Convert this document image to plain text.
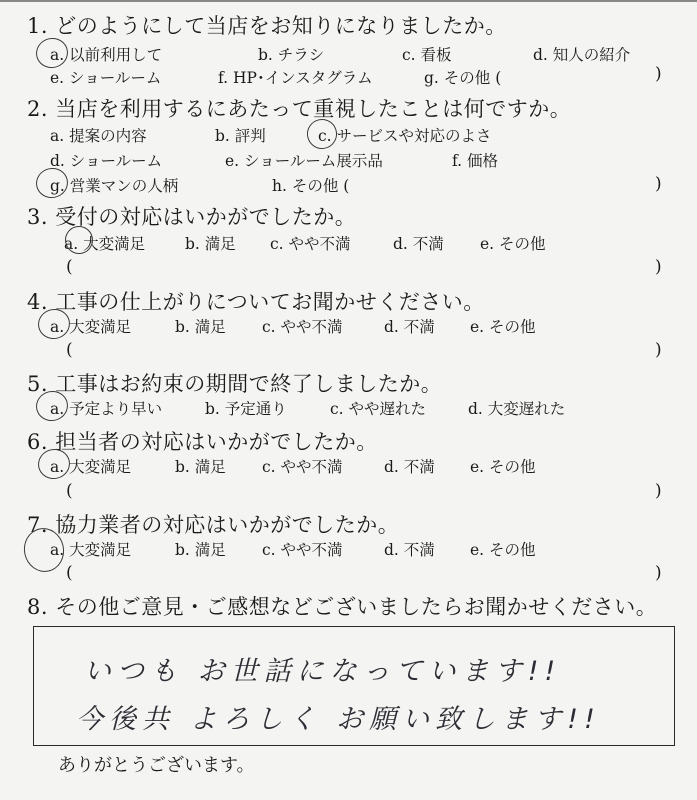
1. どのようにして当店をお知りになりましたか。
a. 以前利用して	b. チラシ	c. 看板	d. 知人の紹介
e. ショールーム	f. HP･インスタグラム	g. その他 (	)
2. 当店を利用するにあたって重視したことは何ですか。
a. 提案の内容	b. 評判	c. サービスや対応のよさ
d. ショールーム	e. ショールーム展示品	f. 価格
g. 営業マンの人柄	h. その他 (	)
3. 受付の対応はいかがでしたか。
a. 大変満足	b. 満足 c. やや不満	d. 不満 e. その他
(	)
4. 工事の仕上がりについてお聞かせください。
a. 大変満足	b. 満足 c. やや不満	d. 不満 e. その他
(	)
5. 工事はお約束の期間で終了しましたか。
a. 予定より早い	b. 予定通り	c. やや遅れた	d. 大変遅れた
6. 担当者の対応はいかがでしたか。
a. 大変満足	b. 満足 c. やや不満	d. 不満 e. その他
(	)
7. 協力業者の対応はいかがでしたか。
a. 大変満足	b. 満足 c. やや不満	d. 不満 e. その他
(	)
8. その他ご意見・ご感想などございましたらお聞かせください。
いつも お世話になっています!!
今後共 よろしく お願い致します!!
ありがとうございます。
